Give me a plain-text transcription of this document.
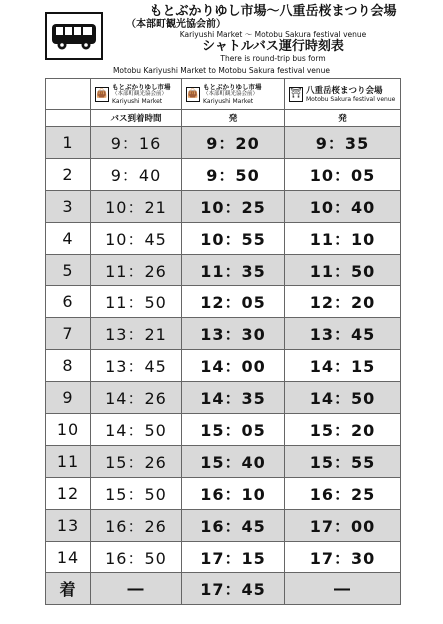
もとぶかりゆし市場〜八重岳桜まつり会場
（本部町観光協会前）
Kariyushi Market ～ Motobu Sakura festival venue
シャトルバス運行時刻表
There is round-trip bus form
Motobu Kariyushi Market to Motobu Sakura festival venue

	👜
もとぶかりゆし市場
（本部町観光協会前）
Kariyushi Market	👜
もとぶかりゆし市場
（本部町観光協会前）
Kariyushi Market	⛩ 八重岳桜まつり会場
Motobu Sakura festival venue

	バス到着時間	発	発
1	9：16	9：20	9：35
2	9：40	9：50	10：05
3	10：21	10：25	10：40
4	10：45	10：55	11：10
5	11：26	11：35	11：50
6	11：50	12：05	12：20
7	13：21	13：30	13：45
8	13：45	14：00	14：15
9	14：26	14：35	14：50
10	14：50	15：05	15：20
11	15：26	15：40	15：55
12	15：50	16：10	16：25
13	16：26	16：45	17：00
14	16：50	17：15	17：30
着	―	17：45	―
